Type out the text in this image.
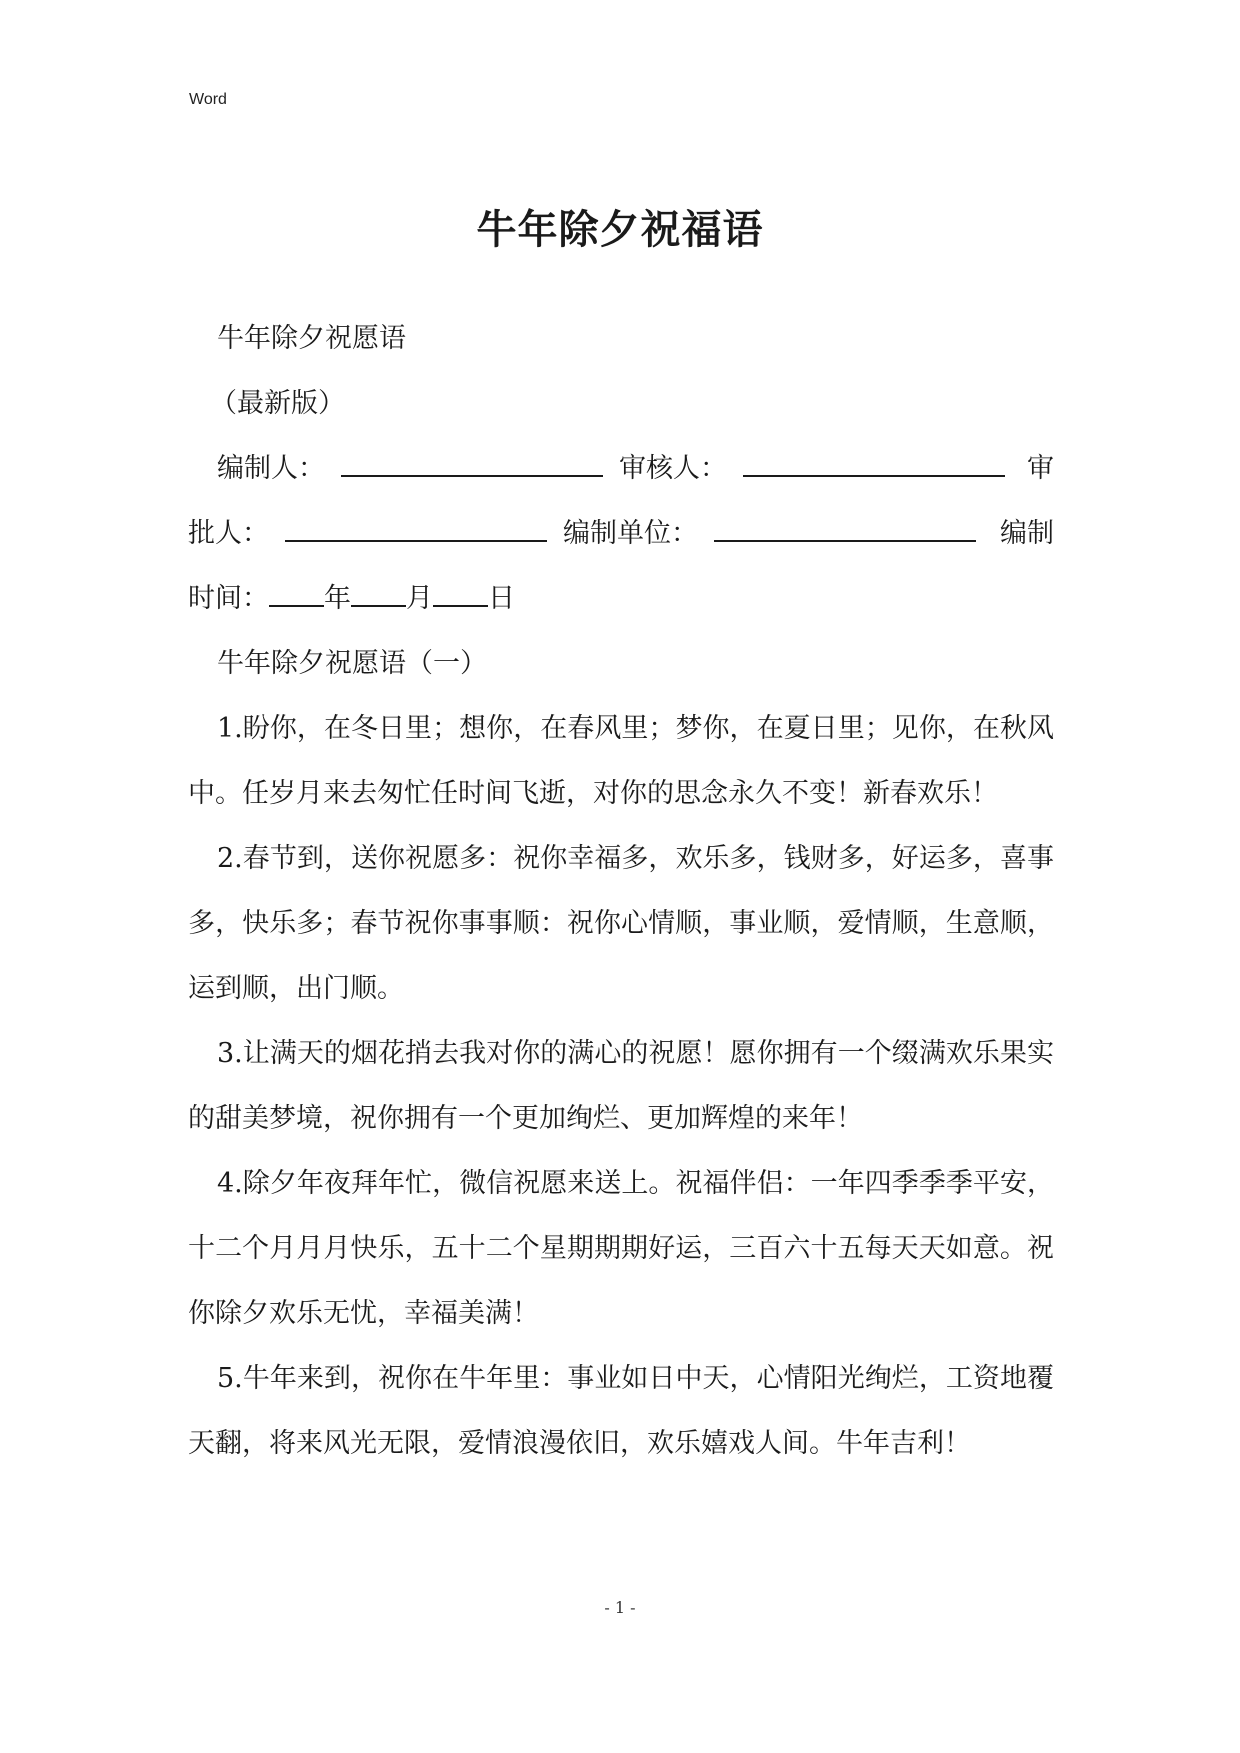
Word
牛年除夕祝福语

牛年除夕祝愿语

（最新版）

编制人：	审核人：	审

批人：	编制单位：	编制

时间： 年 月 日

牛年除夕祝愿语（一）

1.盼你，在冬日里；想你，在春风里；梦你，在夏日里；见你，在秋风中。任岁月来去匆忙任时间飞逝，对你的思念永久不变！新春欢乐！

2.春节到，送你祝愿多：祝你幸福多，欢乐多，钱财多，好运多，喜事多，快乐多；春节祝你事事顺：祝你心情顺，事业顺，爱情顺，生意顺，运到顺，出门顺。

3.让满天的烟花捎去我对你的满心的祝愿！愿你拥有一个缀满欢乐果实的甜美梦境，祝你拥有一个更加绚烂、更加辉煌的来年！

4.除夕年夜拜年忙，微信祝愿来送上。祝福伴侣：一年四季季季平安，十二个月月月快乐，五十二个星期期期好运，三百六十五每天天如意。祝你除夕欢乐无忧，幸福美满！

5.牛年来到，祝你在牛年里：事业如日中天，心情阳光绚烂，工资地覆天翻，将来风光无限，爱情浪漫依旧，欢乐嬉戏人间。牛年吉利！

- 1 -
